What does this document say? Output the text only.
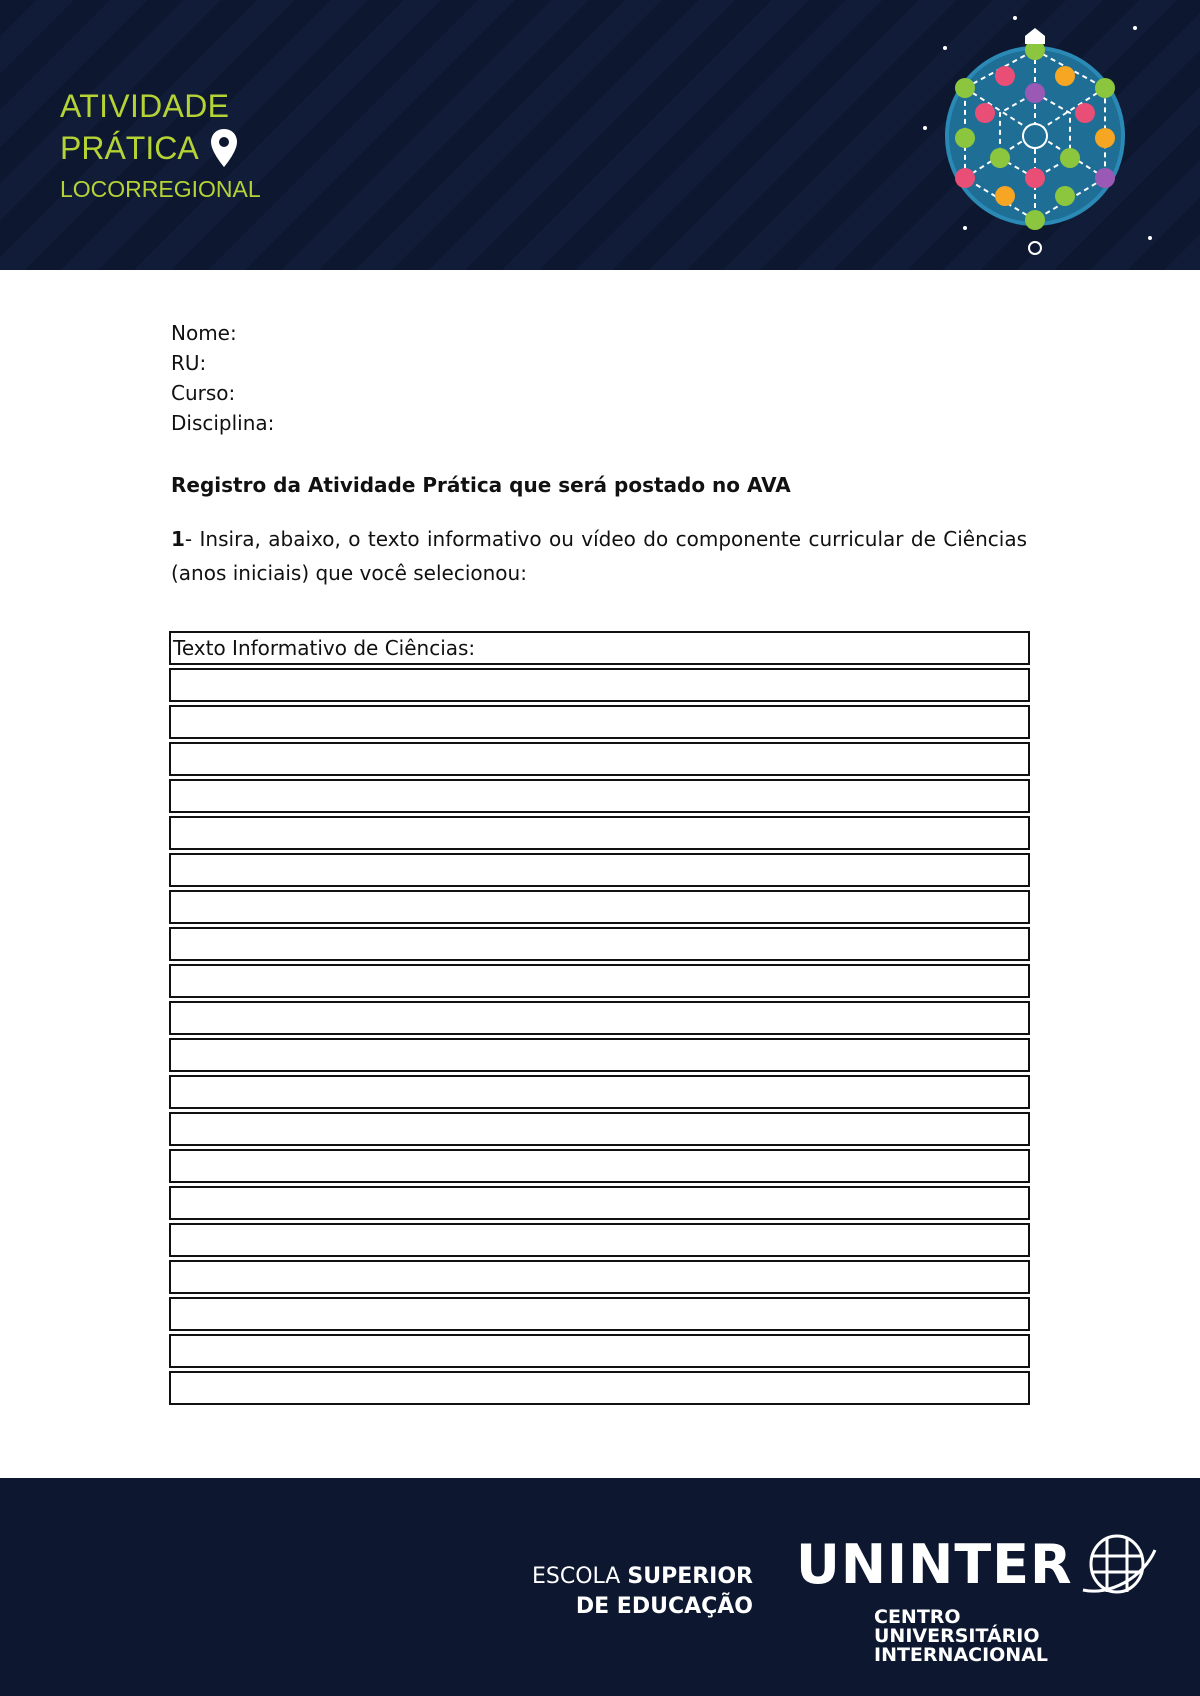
ATIVIDADE
PRÁTICA
LOCORREGIONAL

Nome:

RU:

Curso:

Disciplina:

Registro da Atividade Prática que será postado no AVA
1- Insira, abaixo, o texto informativo ou vídeo do componente curricular de Ciências (anos iniciais) que você selecionou:
Texto Informativo de Ciências:
ESCOLA SUPERIOR
DE EDUCAÇÃO
UNINTER
CENTRO
UNIVERSITÁRIO
INTERNACIONAL
